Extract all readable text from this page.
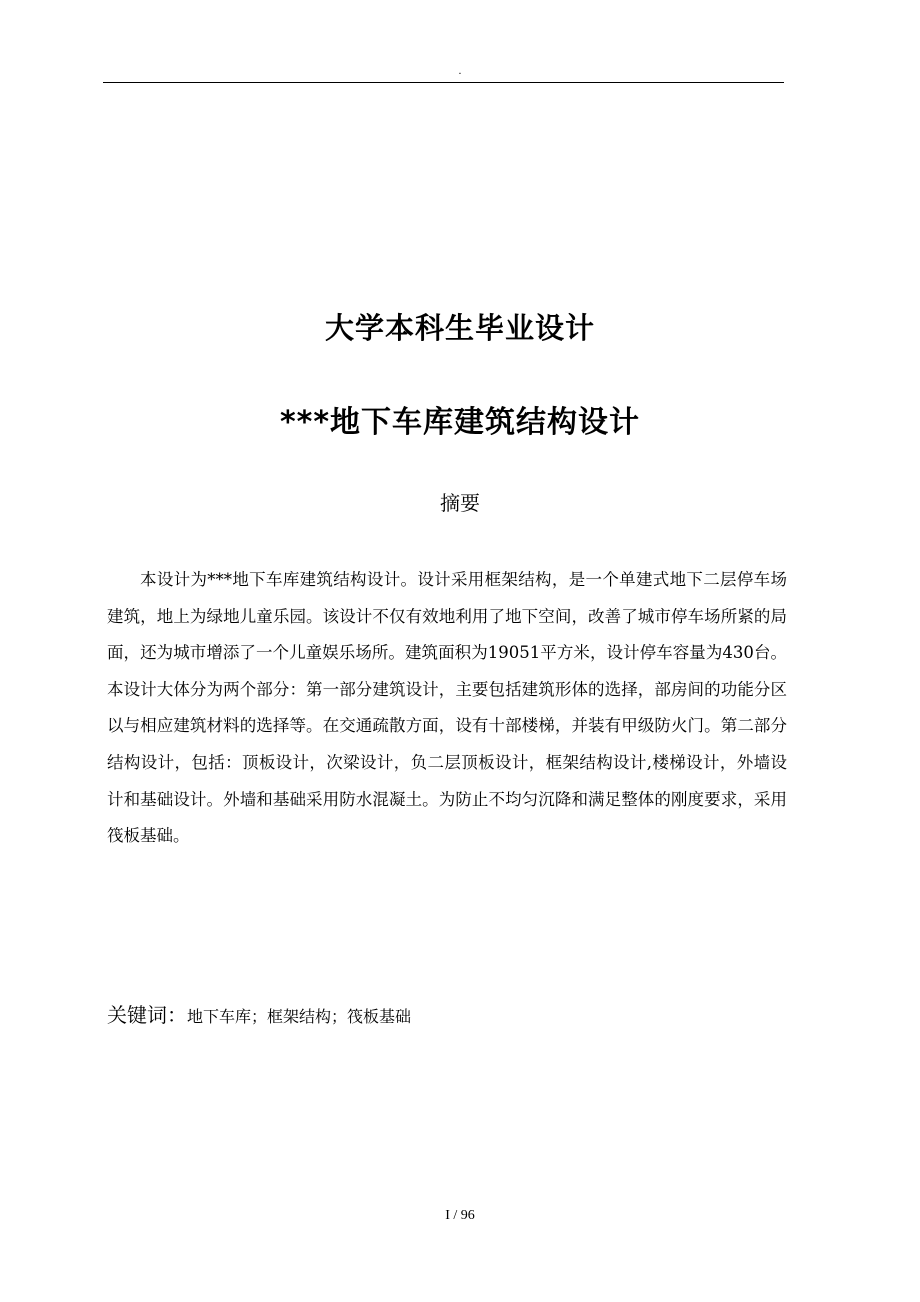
.
大学本科生毕业设计
***地下车库建筑结构设计
摘要

本设计为***地下车库建筑结构设计。设计采用框架结构，是一个单建式地下二层停车场建筑，地上为绿地儿童乐园。该设计不仅有效地利用了地下空间，改善了城市停车场所紧的局面，还为城市增添了一个儿童娱乐场所。建筑面积为19051平方米，设计停车容量为430台。本设计大体分为两个部分：第一部分建筑设计，主要包括建筑形体的选择，部房间的功能分区以与相应建筑材料的选择等。在交通疏散方面，设有十部楼梯，并装有甲级防火门。第二部分结构设计，包括：顶板设计，次梁设计，负二层顶板设计，框架结构设计,楼梯设计，外墙设计和基础设计。外墙和基础采用防水混凝土。为防止不均匀沉降和满足整体的刚度要求，采用筏板基础。

关键词：地下车库；框架结构；筏板基础
I / 96
